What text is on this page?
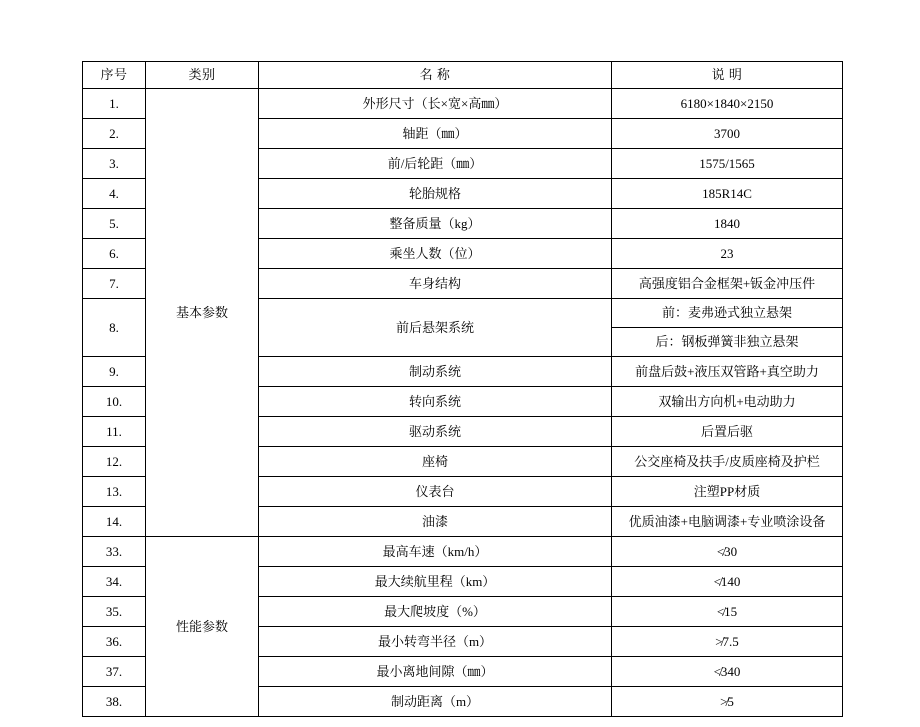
序号	类别	名 称	说 明
1.	基本参数	外形尺寸（长×宽×高㎜）	6180×1840×2150
2.		轴距（㎜）	3700
3.		前/后轮距（㎜）	1575/1565
4.		轮胎规格	185R14C
5.		整备质量（kg）	1840
6.		乘坐人数（位）	23
7.		车身结构	高强度铝合金框架+钣金冲压件
8.		前后悬架系统	前：麦弗逊式独立悬架
			后：钢板弹簧非独立悬架
9.		制动系统	前盘后鼓+液压双管路+真空助力
10.		转向系统	双输出方向机+电动助力
11.		驱动系统	后置后驱
12.		座椅	公交座椅及扶手/皮质座椅及护栏
13.		仪表台	注塑PP材质
14.		油漆	优质油漆+电脑调漆+专业喷涂设备
33.	性能参数	最高车速（km/h）	≮30
34.		最大续航里程（km）	≮140
35.		最大爬坡度（%）	≮15
36.		最小转弯半径（m）	≯7.5
37.		最小离地间隙（㎜）	≮340
38.		制动距离（m）	≯5
